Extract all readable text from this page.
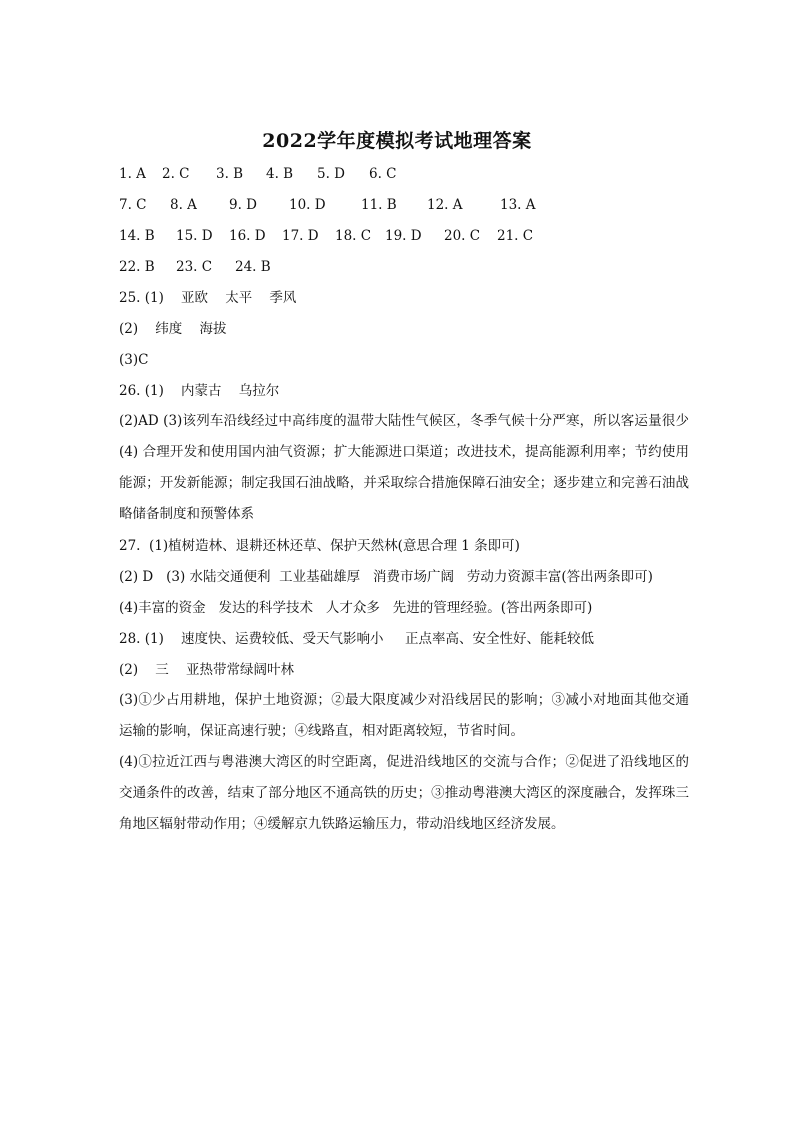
2022学年度模拟考试地理答案
1. A 2. C 3. B 4. B 5. D 6. C
7. C 8. A 9. D 10. D	11. B 12. A	13. A
14. B 15. D 16. D 17. D 18. C 19. D 20. C 21. C
22. B 23. C 24. B
25. (1)    亚欧    太平    季风
(2)    纬度    海拔
(3)C
26. (1)    内蒙古    乌拉尔
(2)AD (3)该列车沿线经过中高纬度的温带大陆性气候区，冬季气候十分严寒，所以客运量很少 (4) 合理开发和使用国内油气资源；扩大能源进口渠道；改进技术，提高能源利用率；节约使用能源；开发新能源；制定我国石油战略，并采取综合措施保障石油安全；逐步建立和完善石油战略储备制度和预警体系
27.  (1)植树造林、退耕还林还草、保护天然林(意思合理 1 条即可)
(2) D   (3) 水陆交通便利  工业基础雄厚   消费市场广阔   劳动力资源丰富(答出两条即可)
(4)丰富的资金   发达的科学技术   人才众多   先进的管理经验。(答出两条即可)
28. (1)    速度快、运费较低、受天气影响小     正点率高、安全性好、能耗较低
(2)    三    亚热带常绿阔叶林
(3)①少占用耕地，保护土地资源；②最大限度减少对沿线居民的影响；③减小对地面其他交通运输的影响，保证高速行驶；④线路直，相对距离较短，节省时间。
(4)①拉近江西与粤港澳大湾区的时空距离，促进沿线地区的交流与合作；②促进了沿线地区的交通条件的改善，结束了部分地区不通高铁的历史；③推动粤港澳大湾区的深度融合，发挥珠三角地区辐射带动作用；④缓解京九铁路运输压力，带动沿线地区经济发展。
